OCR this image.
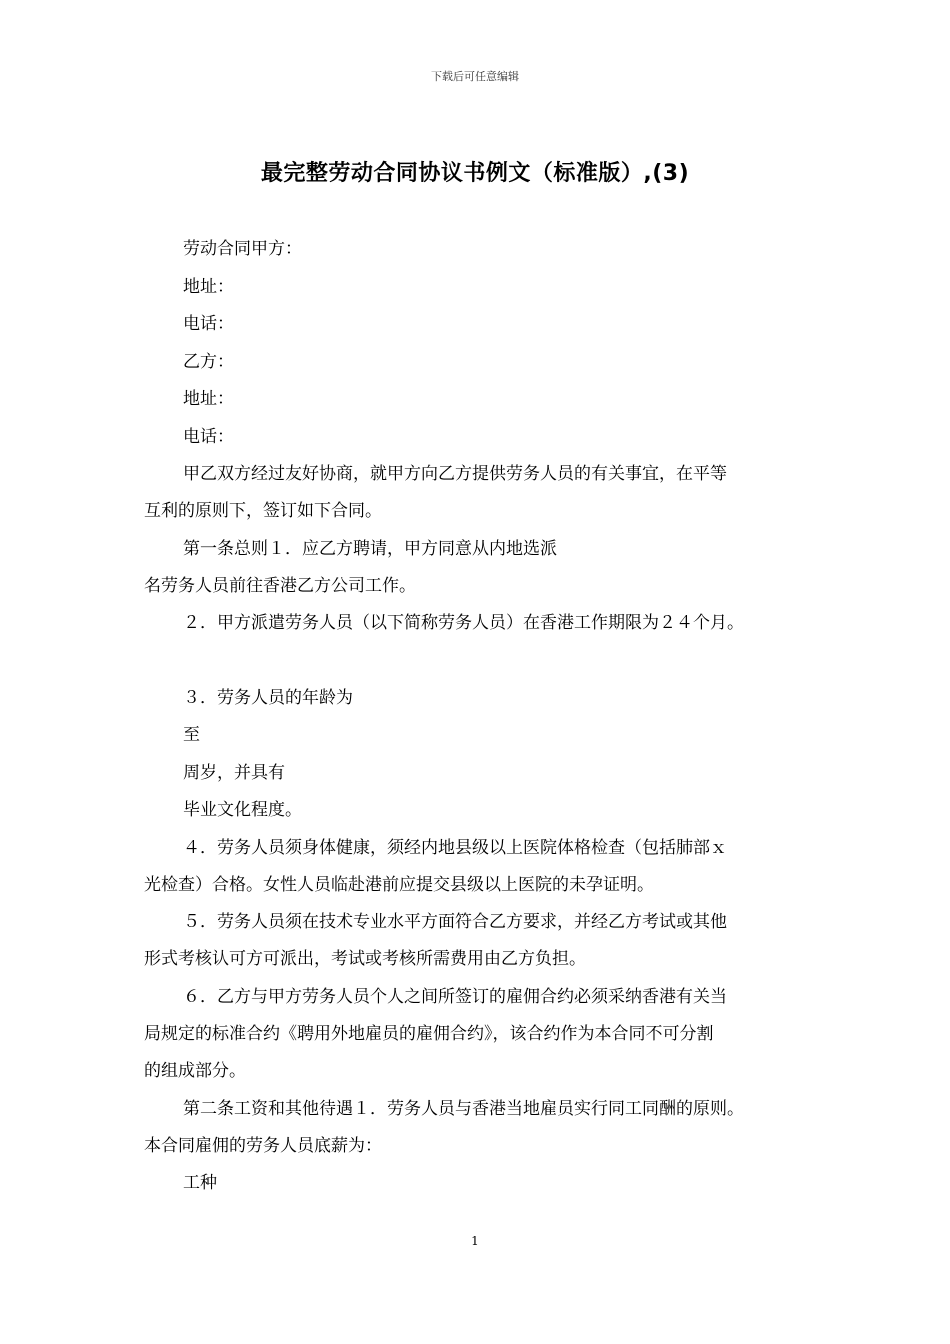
下载后可任意编辑
最完整劳动合同协议书例文（标准版）,(3)
劳动合同甲方：
地址：
电话：
乙方：
地址：
电话：
甲乙双方经过友好协商，就甲方向乙方提供劳务人员的有关事宜，在平等
互利的原则下，签订如下合同。
第一条总则１．应乙方聘请，甲方同意从内地选派
名劳务人员前往香港乙方公司工作。
２．甲方派遣劳务人员（以下简称劳务人员）在香港工作期限为２４个月。
３．劳务人员的年龄为
至
周岁，并具有
毕业文化程度。
４．劳务人员须身体健康，须经内地县级以上医院体格检查（包括肺部ｘ
光检查）合格。女性人员临赴港前应提交县级以上医院的未孕证明。
５．劳务人员须在技术专业水平方面符合乙方要求，并经乙方考试或其他
形式考核认可方可派出，考试或考核所需费用由乙方负担。
６．乙方与甲方劳务人员个人之间所签订的雇佣合约必须采纳香港有关当
局规定的标准合约《聘用外地雇员的雇佣合约》，该合约作为本合同不可分割
的组成部分。
第二条工资和其他待遇１．劳务人员与香港当地雇员实行同工同酬的原则。
本合同雇佣的劳务人员底薪为：
工种
1
